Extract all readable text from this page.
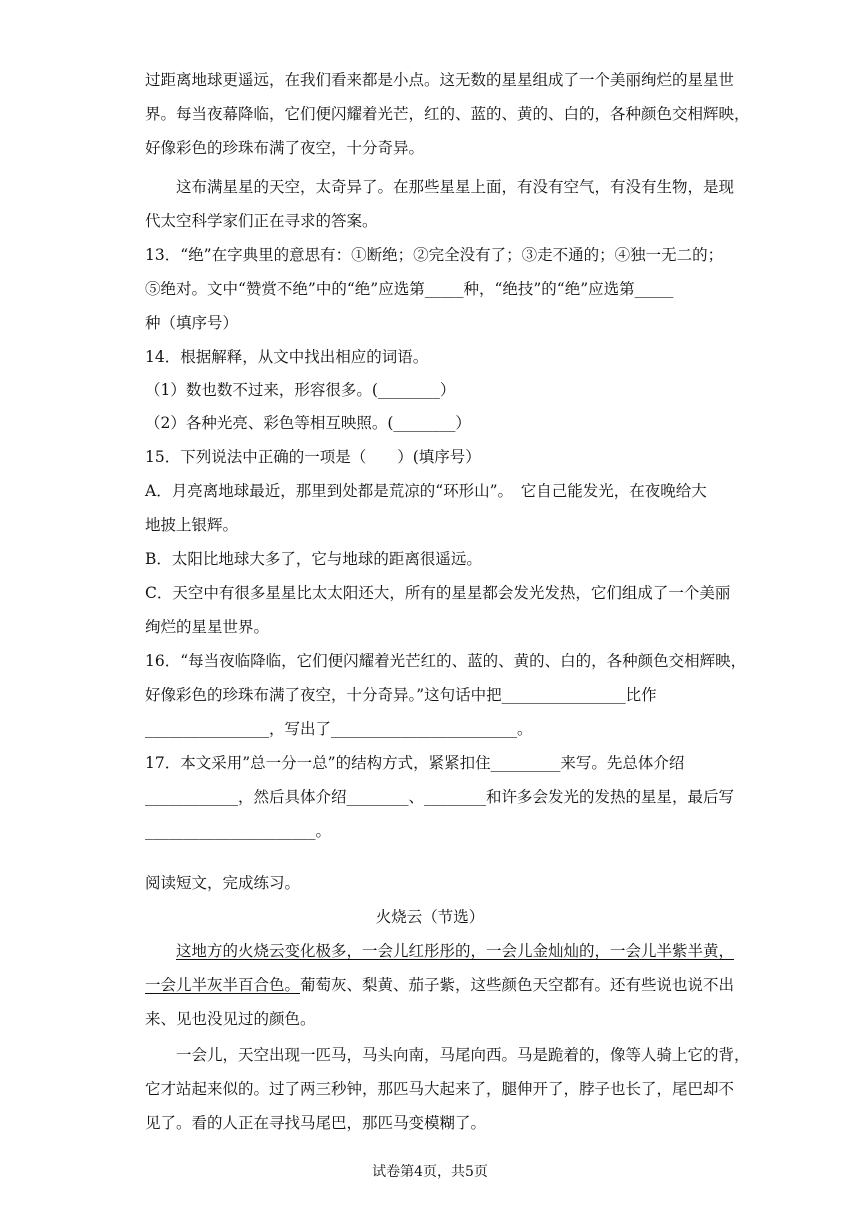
过距离地球更遥远，在我们看来都是小点。这无数的星星组成了一个美丽绚烂的星星世
界。每当夜幕降临，它们便闪耀着光芒，红的、蓝的、黄的、白的，各种颜色交相辉映，
好像彩色的珍珠布满了夜空，十分奇异。
这布满星星的天空，太奇异了。在那些星星上面，有没有空气，有没有生物，是现
代太空科学家们正在寻求的答案。
13．“绝”在字典里的意思有：①断绝；②完全没有了；③走不通的；④独一无二的；
⑤绝对。文中“赞赏不绝”中的“绝”应选第_____种，“绝技”的“绝”应选第_____
种（填序号）
14．根据解释，从文中找出相应的词语。
（1）数也数不过来，形容很多。(________）
（2）各种光亮、彩色等相互映照。(________）
15．下列说法中正确的一项是（　　）(填序号）
A．月亮离地球最近，那里到处都是荒凉的“环形山”。　它自己能发光，在夜晚给大
地披上银辉。
B．太阳比地球大多了，它与地球的距离很遥远。
C．天空中有很多星星比太太阳还大，所有的星星都会发光发热，它们组成了一个美丽
绚烂的星星世界。
16．“每当夜临降临，它们便闪耀着光芒红的、蓝的、黄的、白的，各种颜色交相辉映，
好像彩色的珍珠布满了夜空，十分奇异。”这句话中把________________比作
________________，写出了________________________。
17．本文采用”总一分一总”的结构方式，紧紧扣住_________来写。先总体介绍
____________，然后具体介绍________、________和许多会发光的发热的星星，最后写
______________________。
阅读短文，完成练习。
火烧云（节选）
这地方的火烧云变化极多，一会儿红彤彤的，一会儿金灿灿的，一会儿半紫半黄，
一会儿半灰半百合色。葡萄灰、梨黄、茄子紫，这些颜色天空都有。还有些说也说不出
来、见也没见过的颜色。
一会儿，天空出现一匹马，马头向南，马尾向西。马是跪着的，像等人骑上它的背，
它才站起来似的。过了两三秒钟，那匹马大起来了，腿伸开了，脖子也长了，尾巴却不
见了。看的人正在寻找马尾巴，那匹马变模糊了。
试卷第4页，共5页
